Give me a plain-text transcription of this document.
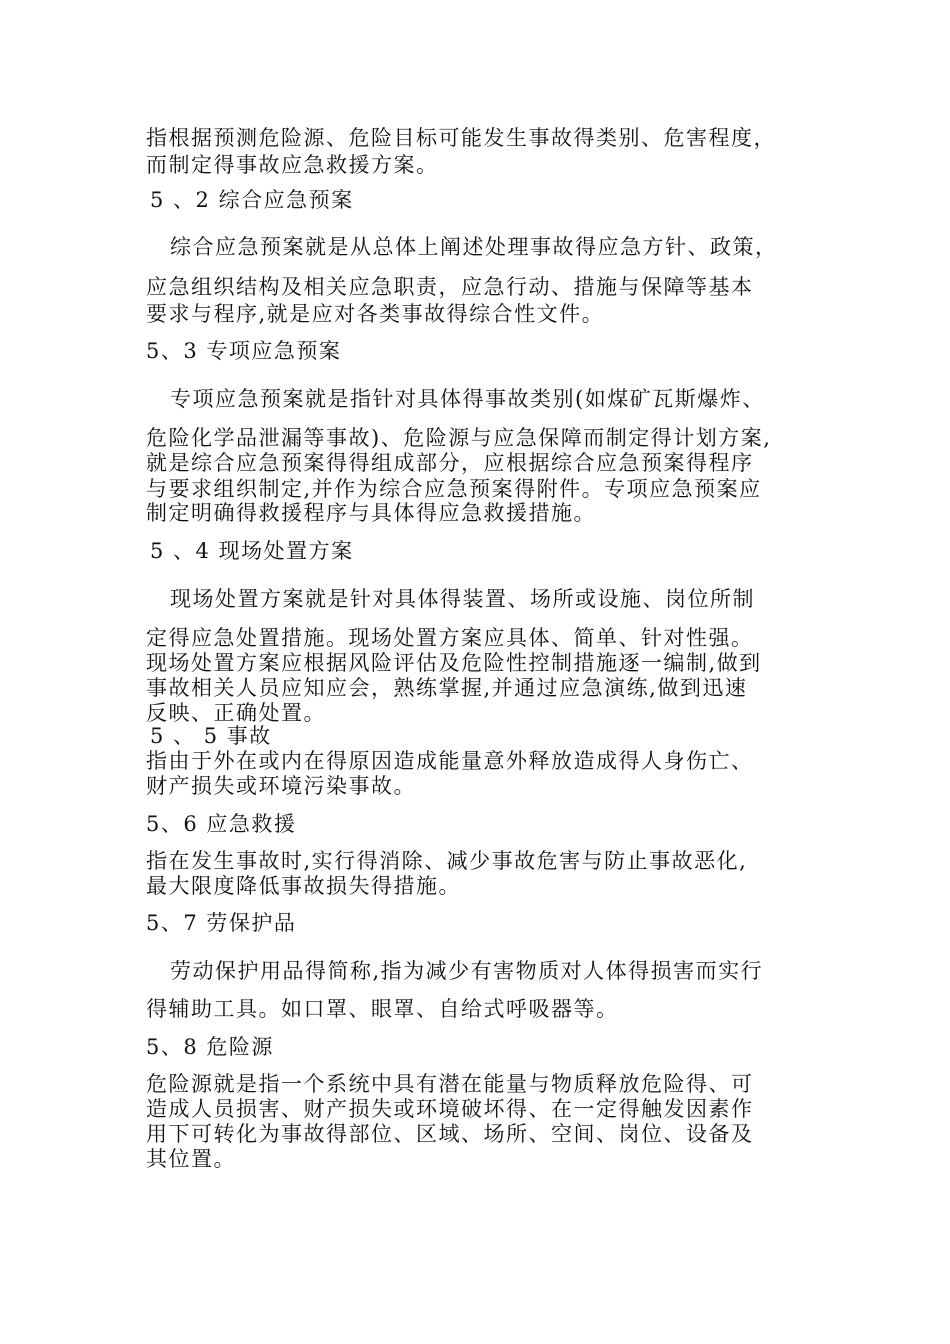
指根据预测危险源、危险目标可能发生事故得类别、危害程度，
而制定得事故应急救援方案。
5 、2 综合应急预案
综合应急预案就是从总体上阐述处理事故得应急方针、政策，
应急组织结构及相关应急职责，应急行动、措施与保障等基本
要求与程序,就是应对各类事故得综合性文件。
5、3 专项应急预案
专项应急预案就是指针对具体得事故类别(如煤矿瓦斯爆炸、
危险化学品泄漏等事故)、危险源与应急保障而制定得计划方案,
就是综合应急预案得得组成部分，应根据综合应急预案得程序
与要求组织制定,并作为综合应急预案得附件。专项应急预案应
制定明确得救援程序与具体得应急救援措施。
5 、4 现场处置方案
现场处置方案就是针对具体得装置、场所或设施、岗位所制
定得应急处置措施。现场处置方案应具体、简单、针对性强。
现场处置方案应根据风险评估及危险性控制措施逐一编制,做到
事故相关人员应知应会，熟练掌握,并通过应急演练,做到迅速
反映、正确处置。
5 、 5 事故
指由于外在或内在得原因造成能量意外释放造成得人身伤亡、
财产损失或环境污染事故。
5、6 应急救援
指在发生事故时,实行得消除、减少事故危害与防止事故恶化,
最大限度降低事故损失得措施。
5、7 劳保护品
劳动保护用品得简称,指为减少有害物质对人体得损害而实行
得辅助工具。如口罩、眼罩、自给式呼吸器等。
5、8 危险源
危险源就是指一个系统中具有潜在能量与物质释放危险得、可
造成人员损害、财产损失或环境破坏得、在一定得触发因素作
用下可转化为事故得部位、区域、场所、空间、岗位、设备及
其位置。
